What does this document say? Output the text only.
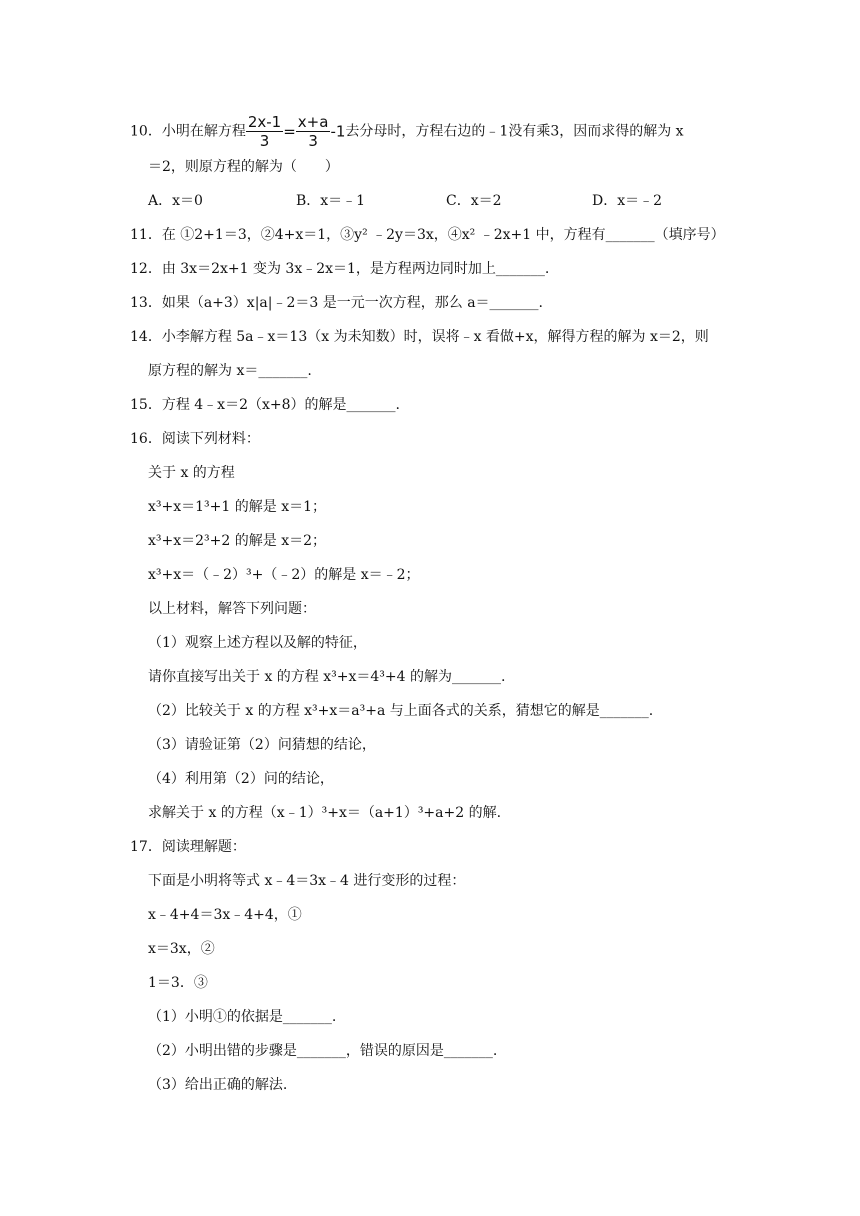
10．小明在解方程 $\frac{2x-1}{3} = \frac{x+a}{3} -1$去分母时，方程右边的﹣1没有乘3，因而求得的解为 x
＝2，则原方程的解为（　　）
A．x＝0	B．x＝﹣1	C．x＝2	D．x＝﹣2
11．在 ①2+1＝3，②4+x＝1，③y² ﹣2y＝3x，④x² ﹣2x+1 中，方程有_______（填序号）
12．由 3x＝2x+1 变为 3x﹣2x＝1，是方程两边同时加上_______.
13．如果（a+3）x|a|﹣2＝3 是一元一次方程，那么 a＝_______.
14．小李解方程 5a﹣x＝13（x 为未知数）时，误将﹣x 看做+x，解得方程的解为 x＝2，则
原方程的解为 x＝_______.
15．方程 4﹣x＝2（x+8）的解是_______.
16．阅读下列材料：
关于 x 的方程
x³+x＝1³+1 的解是 x＝1；
x³+x＝2³+2 的解是 x＝2；
x³+x＝（﹣2）³+（﹣2）的解是 x＝﹣2；
以上材料，解答下列问题：
（1）观察上述方程以及解的特征，
请你直接写出关于 x 的方程 x³+x＝4³+4 的解为_______.
（2）比较关于 x 的方程 x³+x＝a³+a 与上面各式的关系，猜想它的解是_______.
（3）请验证第（2）问猜想的结论，
（4）利用第（2）问的结论，
求解关于 x 的方程（x﹣1）³+x＝（a+1）³+a+2 的解.
17．阅读理解题：
下面是小明将等式 x﹣4＝3x﹣4 进行变形的过程：
x﹣4+4＝3x﹣4+4，①
x＝3x，②
1＝3．③
（1）小明①的依据是_______.
（2）小明出错的步骤是_______，错误的原因是_______.
（3）给出正确的解法.
